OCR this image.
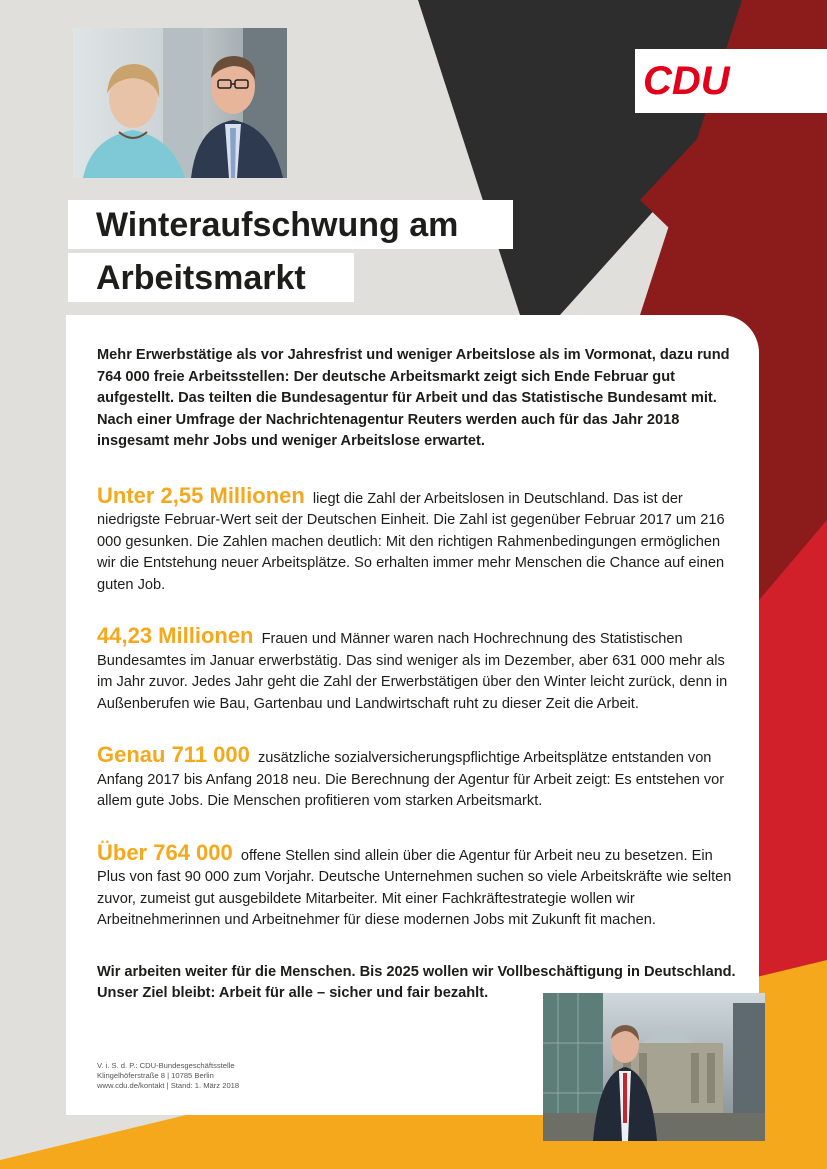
CDU
Winteraufschwung am
Arbeitsmarkt

Mehr Erwerbstätige als vor Jahresfrist und weniger Arbeitslose als im Vormonat, dazu rund 764 000 freie Arbeitsstellen: Der deutsche Arbeitsmarkt zeigt sich Ende Februar gut aufgestellt. Das teilten die Bundesagentur für Arbeit und das Statistische Bundesamt mit. Nach einer Umfrage der Nachrichtenagentur Reuters werden auch für das Jahr 2018 insgesamt mehr Jobs und weniger Arbeitslose erwartet.

Unter 2,55 Millionen liegt die Zahl der Arbeitslosen in Deutschland. Das ist der niedrigste Februar-Wert seit der Deutschen Einheit. Die Zahl ist gegenüber Februar 2017 um 216 000 gesunken. Die Zahlen machen deutlich: Mit den richtigen Rahmenbedingungen ermöglichen wir die Entstehung neuer Arbeitsplätze. So erhalten immer mehr Menschen die Chance auf einen guten Job.

44,23 Millionen Frauen und Männer waren nach Hochrechnung des Statistischen Bundesamtes im Januar erwerbstätig. Das sind weniger als im Dezember, aber 631 000 mehr als im Jahr zuvor. Jedes Jahr geht die Zahl der Erwerbstätigen über den Winter leicht zurück, denn in Außenberufen wie Bau, Gartenbau und Landwirtschaft ruht zu dieser Zeit die Arbeit.

Genau 711 000 zusätzliche sozialversicherungspflichtige Arbeitsplätze entstanden von Anfang 2017 bis Anfang 2018 neu. Die Berechnung der Agentur für Arbeit zeigt: Es entstehen vor allem gute Jobs. Die Menschen profitieren vom starken Arbeitsmarkt.

Über 764 000 offene Stellen sind allein über die Agentur für Arbeit neu zu besetzen. Ein Plus von fast 90 000 zum Vorjahr. Deutsche Unternehmen suchen so viele Arbeitskräfte wie selten zuvor, zumeist gut ausgebildete Mitarbeiter. Mit einer Fachkräftestrategie wollen wir Arbeitnehmerinnen und Arbeitnehmer für diese modernen Jobs mit Zukunft fit machen.

Wir arbeiten weiter für die Menschen. Bis 2025 wollen wir Vollbeschäftigung in Deutschland. Unser Ziel bleibt: Arbeit für alle – sicher und fair bezahlt.

V. i. S. d. P.: CDU-Bundesgeschäftsstelle
Klingelhöferstraße 8 | 10785 Berlin
www.cdu.de/kontakt | Stand: 1. März 2018
